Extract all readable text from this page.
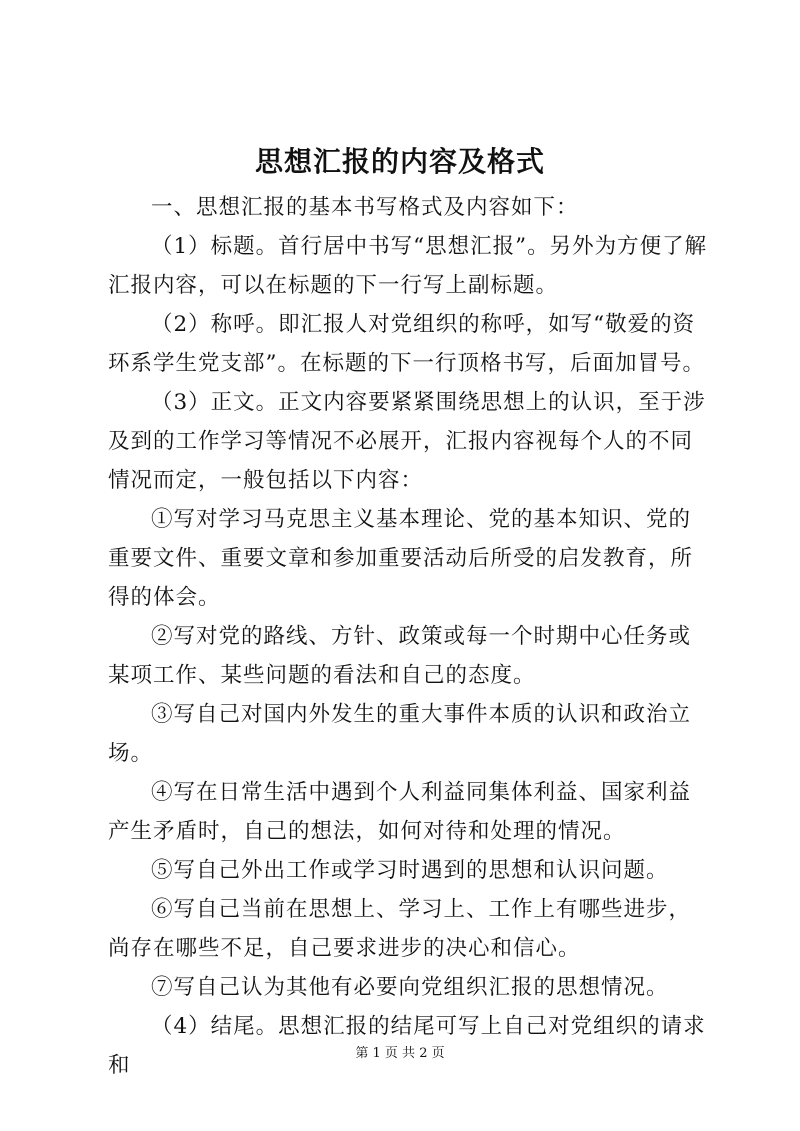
思想汇报的内容及格式

一、思想汇报的基本书写格式及内容如下：

（1）标题。首行居中书写“思想汇报”。另外为方便了解汇报内容，可以在标题的下一行写上副标题。

（2）称呼。即汇报人对党组织的称呼，如写“敬爱的资环系学生党支部”。在标题的下一行顶格书写，后面加冒号。

（3）正文。正文内容要紧紧围绕思想上的认识，至于涉及到的工作学习等情况不必展开，汇报内容视每个人的不同情况而定，一般包括以下内容：

①写对学习马克思主义基本理论、党的基本知识、党的重要文件、重要文章和参加重要活动后所受的启发教育，所得的体会。

②写对党的路线、方针、政策或每一个时期中心任务或某项工作、某些问题的看法和自己的态度。

③写自己对国内外发生的重大事件本质的认识和政治立场。

④写在日常生活中遇到个人利益同集体利益、国家利益产生矛盾时，自己的想法，如何对待和处理的情况。

⑤写自己外出工作或学习时遇到的思想和认识问题。

⑥写自己当前在思想上、学习上、工作上有哪些进步，尚存在哪些不足，自己要求进步的决心和信心。

⑦写自己认为其他有必要向党组织汇报的思想情况。

（4）结尾。思想汇报的结尾可写上自己对党组织的请求和	第 1 页 共 2 页
